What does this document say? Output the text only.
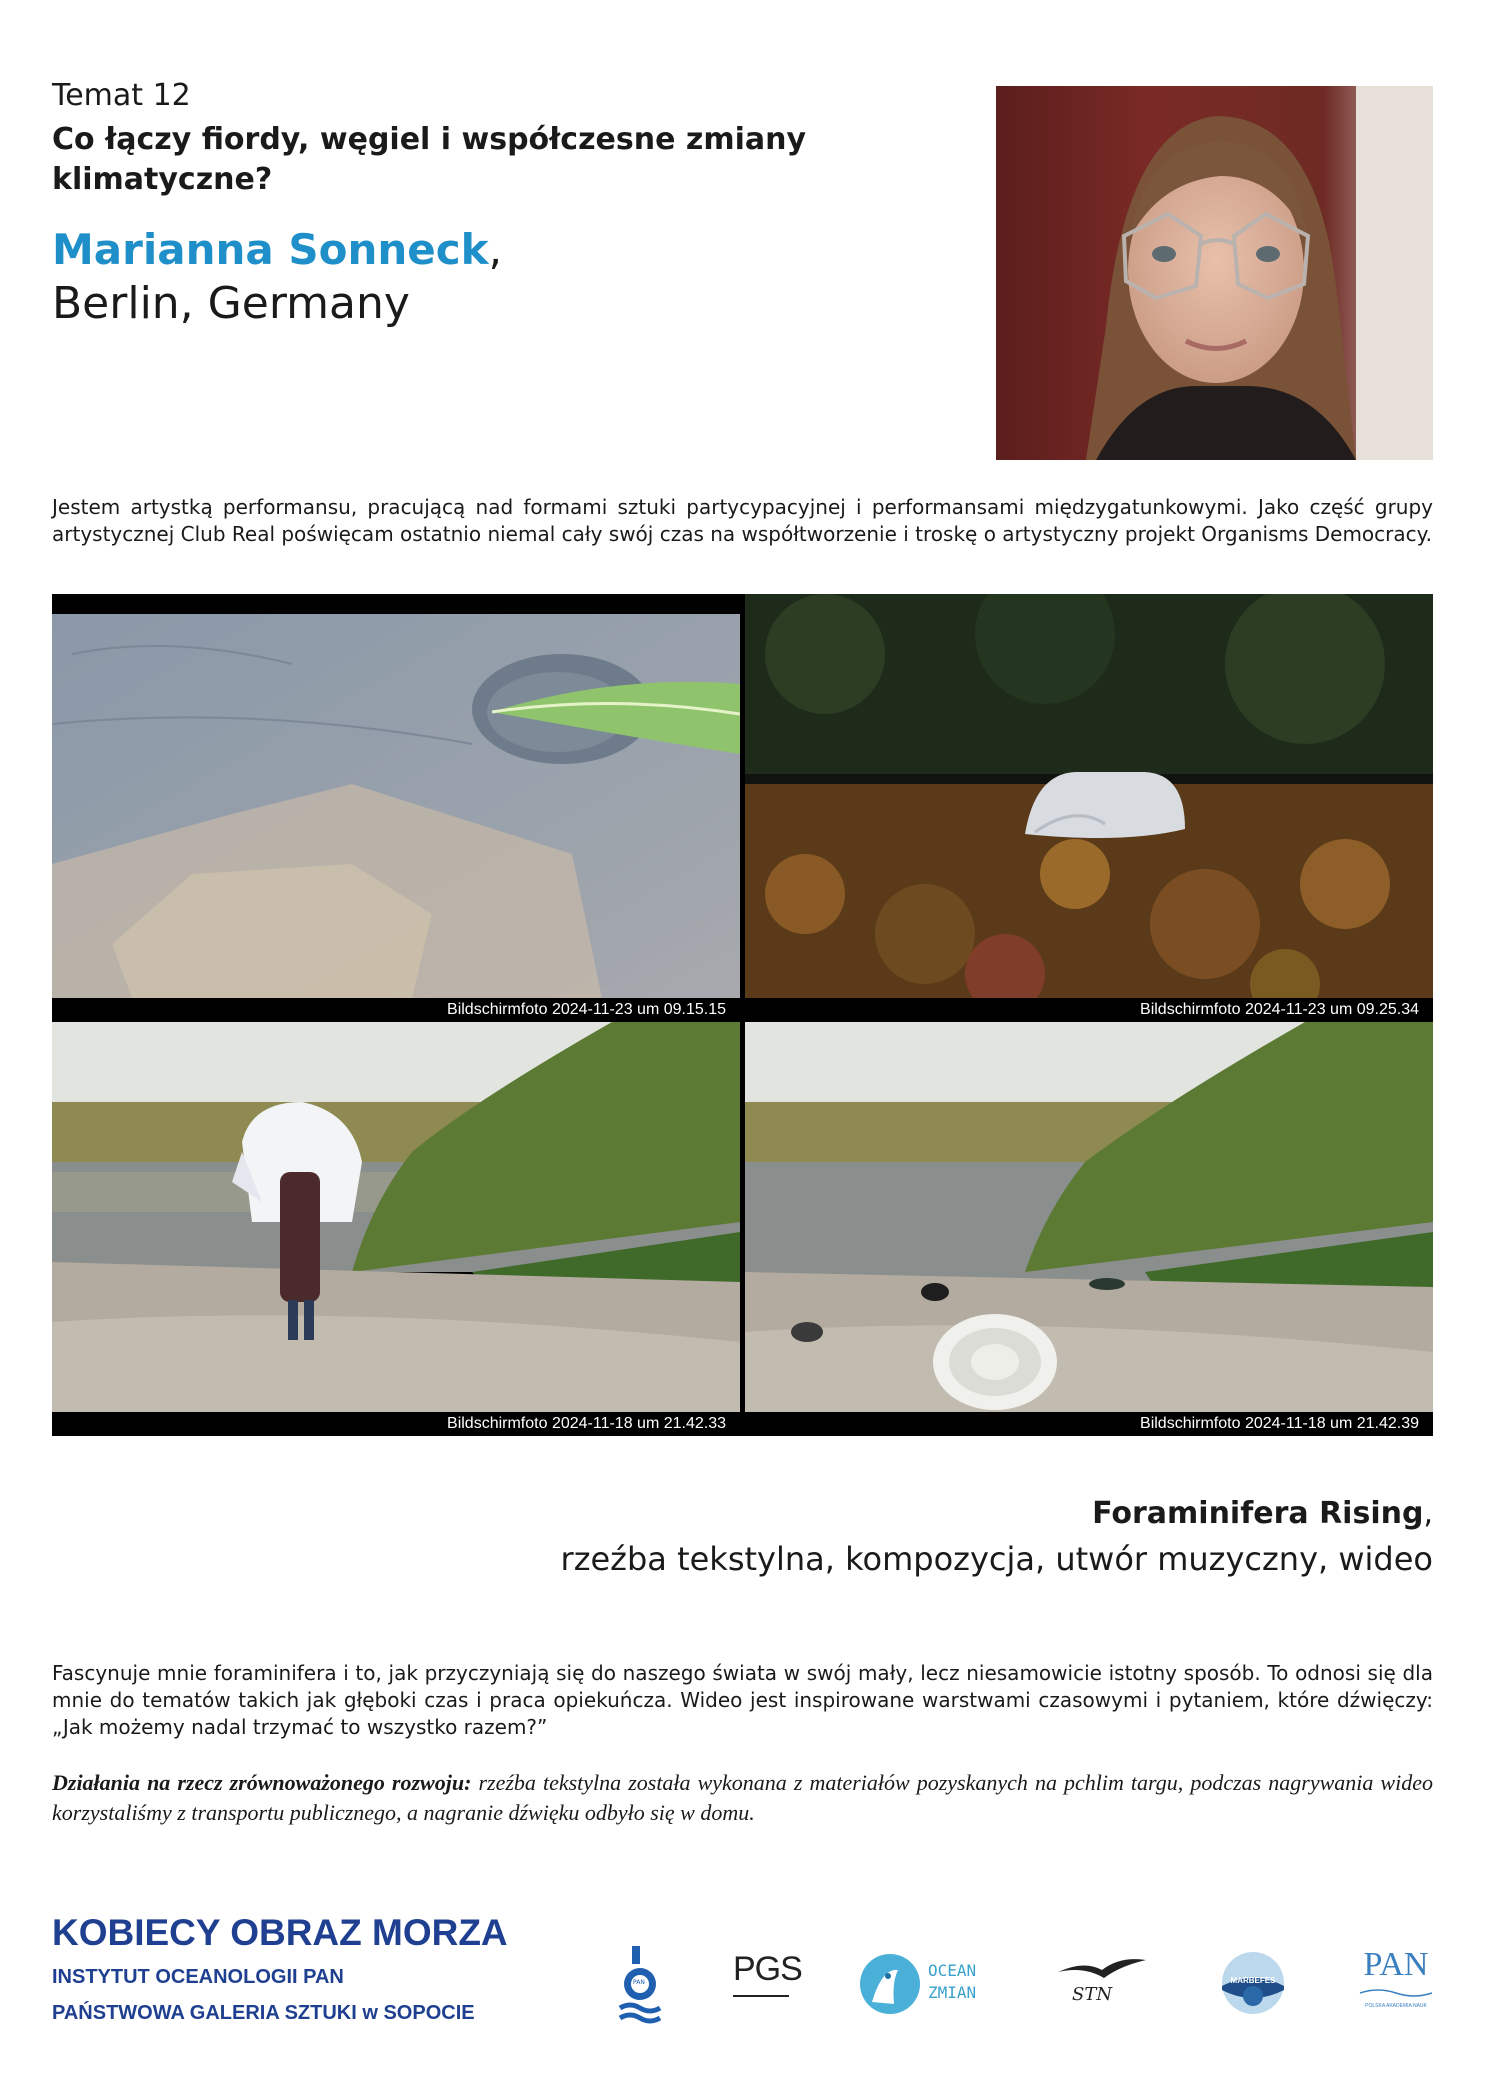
Temat 12
Co łączy fiordy, węgiel i współczesne zmiany klimatyczne?
Marianna Sonneck,
Berlin, Germany
Jestem artystką performansu, pracującą nad formami sztuki partycypacyjnej i performansami międzygatunkowymi. Jako część grupy artystycznej Club Real poświęcam ostatnio niemal cały swój czas na współtworzenie i troskę o artystyczny projekt Organisms Democracy.
Bildschirmfoto 2024-11-23 um 09.15.15	Bildschirmfoto 2024-11-23 um 09.25.34
Bildschirmfoto 2024-11-18 um 21.42.33	Bildschirmfoto 2024-11-18 um 21.42.39
Foraminifera Rising,
rzeźba tekstylna, kompozycja, utwór muzyczny, wideo
Fascynuje mnie foraminifera i to, jak przyczyniają się do naszego świata w swój mały, lecz niesamowicie istotny sposób. To odnosi się dla mnie do tematów takich jak głęboki czas i praca opiekuńcza. Wideo jest inspirowane warstwami czasowymi i pytaniem, które dźwięczy: „Jak możemy nadal trzymać to wszystko razem?”
Działania na rzecz zrównoważonego rozwoju: rzeźba tekstylna została wykonana z materiałów pozyskanych na pchlim targu, podczas nagrywania wideo korzystaliśmy z transportu publicznego, a nagranie dźwięku odbyło się w domu.
KOBIECY OBRAZ MORZA
INSTYTUT OCEANOLOGII PAN
PAŃSTWOWA GALERIA SZTUKI w SOPOCIE
PAN	PGS	OCEAN
ZMIAN	STN
MARBEFES	PAN
POLSKA AKADEMIA NAUK
